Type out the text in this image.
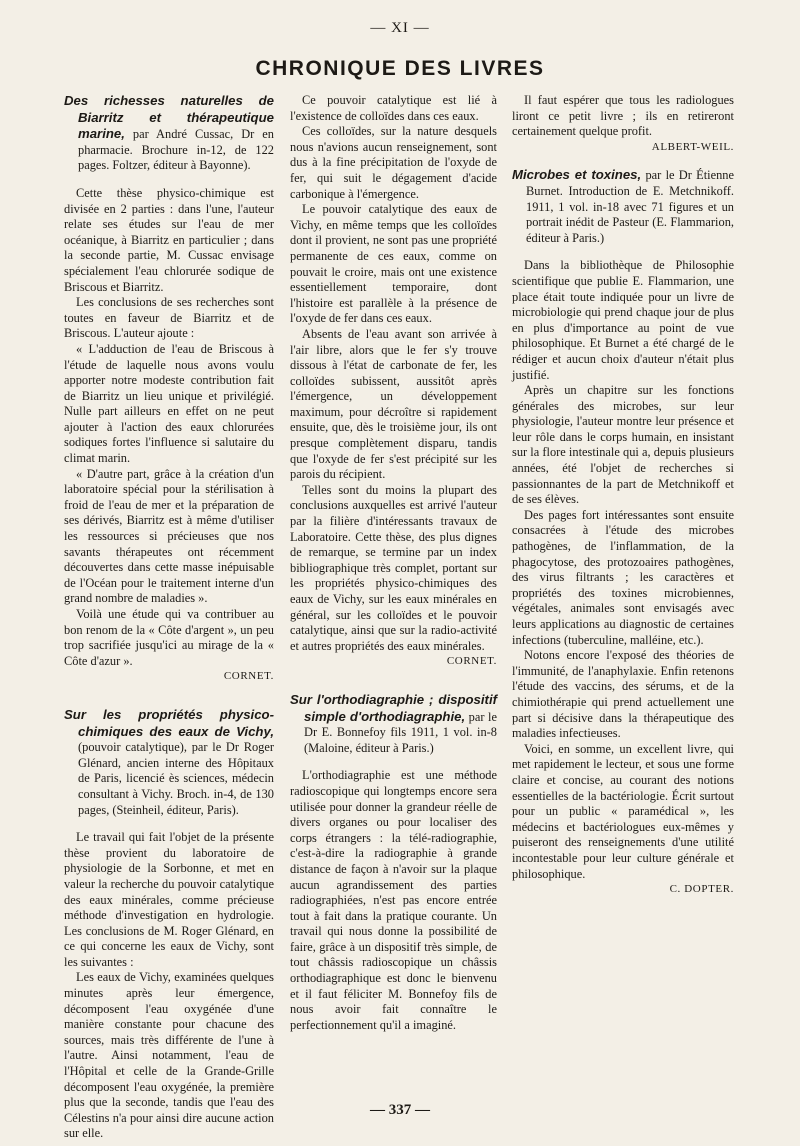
— XI —
CHRONIQUE DES LIVRES

Des richesses naturelles de Biarritz et thérapeutique marine, par André Cussac, Dr en pharmacie. Brochure in-12, de 122 pages. Foltzer, éditeur à Bayonne).

Cette thèse physico-chimique est divisée en 2 parties : dans l'une, l'auteur relate ses études sur l'eau de mer océanique, à Biarritz en particulier ; dans la seconde partie, M. Cussac envisage spécialement l'eau chlorurée sodique de Briscous et Biarritz.

Les conclusions de ses recherches sont toutes en faveur de Biarritz et de Briscous. L'auteur ajoute :

« L'adduction de l'eau de Briscous à l'étude de laquelle nous avons voulu apporter notre modeste contribution fait de Biarritz un lieu unique et privilégié. Nulle part ailleurs en effet on ne peut ajouter à l'action des eaux chlorurées sodiques fortes l'influence si salutaire du climat marin.

« D'autre part, grâce à la création d'un laboratoire spécial pour la stérilisation à froid de l'eau de mer et la préparation de ses dérivés, Biarritz est à même d'utiliser les ressources si précieuses que nos savants thérapeutes ont récemment découvertes dans cette masse inépuisable de l'Océan pour le traitement interne d'un grand nombre de maladies ».

Voilà une étude qui va contribuer au bon renom de la « Côte d'argent », un peu trop sacrifiée jusqu'ici au mirage de la « Côte d'azur ».

CORNET.

Sur les propriétés physico-chimiques des eaux de Vichy, (pouvoir catalytique), par le Dr Roger Glénard, ancien interne des Hôpitaux de Paris, licencié ès sciences, médecin consultant à Vichy. Broch. in-4, de 130 pages, (Steinheil, éditeur, Paris).

Le travail qui fait l'objet de la présente thèse provient du laboratoire de physiologie de la Sorbonne, et met en valeur la recherche du pouvoir catalytique des eaux minérales, comme précieuse méthode d'investigation en hydrologie. Les conclusions de M. Roger Glénard, en ce qui concerne les eaux de Vichy, sont les suivantes :

Les eaux de Vichy, examinées quelques minutes après leur émergence, décomposent l'eau oxygénée d'une manière constante pour chacune des sources, mais très différente de l'une à l'autre. Ainsi notamment, l'eau de l'Hôpital et celle de la Grande-Grille décomposent l'eau oxygénée, la première plus que la seconde, tandis que l'eau des Célestins n'a pour ainsi dire aucune action sur elle.

Ce pouvoir catalytique est lié à l'existence de colloïdes dans ces eaux.

Ces colloïdes, sur la nature desquels nous n'avions aucun renseignement, sont dus à la fine précipitation de l'oxyde de fer, qui suit le dégagement d'acide carbonique à l'émergence.

Le pouvoir catalytique des eaux de Vichy, en même temps que les colloïdes dont il provient, ne sont pas une propriété permanente de ces eaux, comme on pouvait le croire, mais ont une existence essentiellement temporaire, dont l'histoire est parallèle à la présence de l'oxyde de fer dans ces eaux.

Absents de l'eau avant son arrivée à l'air libre, alors que le fer s'y trouve dissous à l'état de carbonate de fer, les colloïdes subissent, aussitôt après l'émergence, un développement maximum, pour décroître si rapidement ensuite, que, dès le troisième jour, ils ont presque complètement disparu, tandis que l'oxyde de fer s'est précipité sur les parois du récipient.

Telles sont du moins la plupart des conclusions auxquelles est arrivé l'auteur par la filière d'intéressants travaux de Laboratoire. Cette thèse, des plus dignes de remarque, se termine par un index bibliographique très complet, portant sur les propriétés physico-chimiques des eaux de Vichy, sur les eaux minérales en général, sur les colloïdes et le pouvoir catalytique, ainsi que sur la radio-activité et autres propriétés des eaux minérales.

CORNET.

Sur l'orthodiagraphie ; dispositif simple d'orthodiagraphie, par le Dr E. Bonnefoy fils 1911, 1 vol. in-8 (Maloine, éditeur à Paris.)

L'orthodiagraphie est une méthode radioscopique qui longtemps encore sera utilisée pour donner la grandeur réelle de divers organes ou pour localiser des corps étrangers : la télé-radiographie, c'est-à-dire la radiographie à grande distance de façon à n'avoir sur la plaque aucun agrandissement des parties radiographiées, n'est pas encore entrée tout à fait dans la pratique courante. Un travail qui nous donne la possibilité de faire, grâce à un dispositif très simple, de tout châssis radioscopique un châssis orthodiagraphique est donc le bienvenu et il faut féliciter M. Bonnefoy fils de nous avoir fait connaître le perfectionnement qu'il a imaginé.

Il faut espérer que tous les radiologues liront ce petit livre ; ils en retireront certainement quelque profit.

ALBERT-WEIL.

Microbes et toxines, par le Dr Étienne Burnet. Introduction de E. Metchnikoff. 1911, 1 vol. in-18 avec 71 figures et un portrait inédit de Pasteur (E. Flammarion, éditeur à Paris.)

Dans la bibliothèque de Philosophie scientifique que publie E. Flammarion, une place était toute indiquée pour un livre de microbiologie qui prend chaque jour de plus en plus d'importance au point de vue philosophique. Et Burnet a été chargé de le rédiger et aucun choix d'auteur n'était plus justifié.

Après un chapitre sur les fonctions générales des microbes, sur leur physiologie, l'auteur montre leur présence et leur rôle dans le corps humain, en insistant sur la flore intestinale qui a, depuis plusieurs années, été l'objet de recherches si passionnantes de la part de Metchnikoff et de ses élèves.

Des pages fort intéressantes sont ensuite consacrées à l'étude des microbes pathogènes, de l'inflammation, de la phagocytose, des protozoaires pathogènes, des virus filtrants ; les caractères et propriétés des toxines microbiennes, végétales, animales sont envisagés avec leurs applications au diagnostic de certaines infections (tuberculine, malléine, etc.).

Notons encore l'exposé des théories de l'immunité, de l'anaphylaxie. Enfin retenons l'étude des vaccins, des sérums, et de la chimiothérapie qui prend actuellement une part si décisive dans la thérapeutique des maladies infectieuses.

Voici, en somme, un excellent livre, qui met rapidement le lecteur, et sous une forme claire et concise, au courant des notions essentielles de la bactériologie. Écrit surtout pour un public « paramédical », les médecins et bactériologues eux-mêmes y puiseront des renseignements d'une utilité incontestable pour leur culture générale et philosophique.

C. DOPTER.

— 337 —
